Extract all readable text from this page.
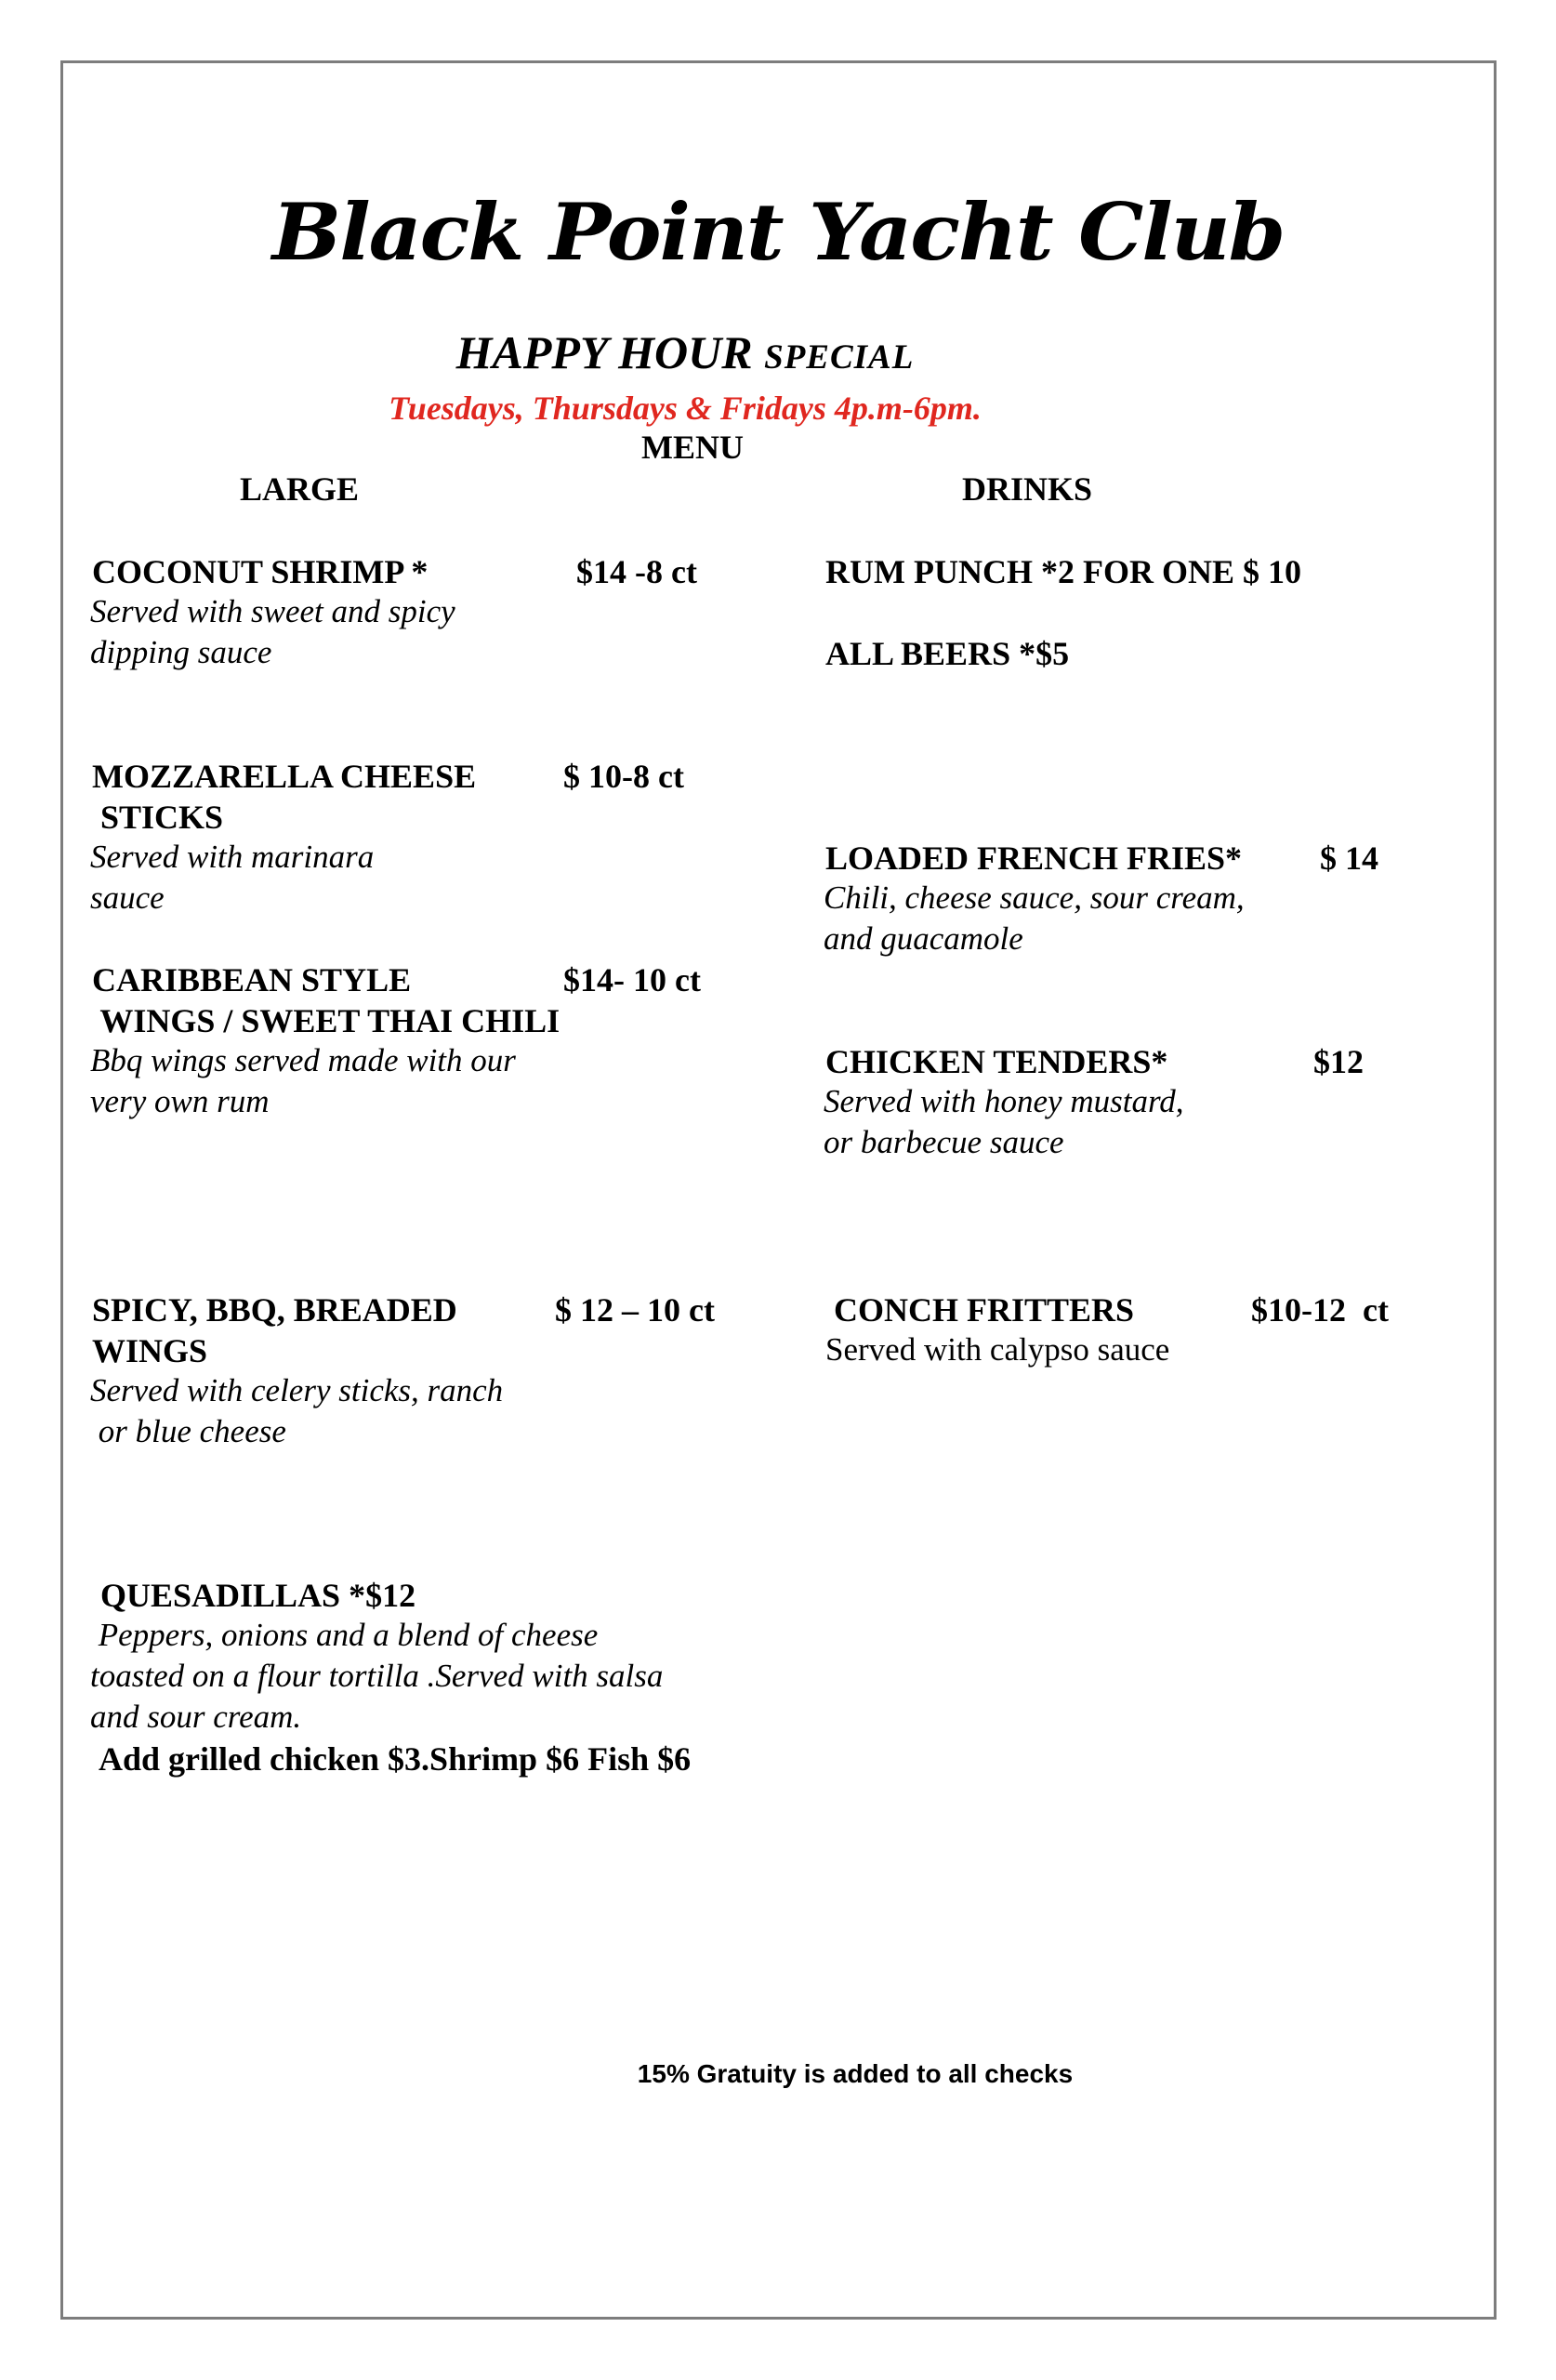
Black Point Yacht Club
HAPPY HOUR SPECIAL
Tuesdays, Thursdays & Fridays 4p.m-6pm.
MENU
LARGE	DRINKS
COCONUT SHRIMP *	$14 -8 ct
Served with sweet and spicy
dipping sauce
MOZZARELLA CHEESE
STICKS
$ 10-8 ct
Served with marinara
sauce
CARIBBEAN STYLE
WINGS / SWEET THAI CHILI
$14- 10 ct
Bbq wings served made with our
very own rum
SPICY, BBQ, BREADED
WINGS
$ 12 – 10 ct
Served with celery sticks, ranch
or blue cheese
QUESADILLAS *$12
Peppers, onions and a blend of cheese
toasted on a flour tortilla .Served with salsa
and sour cream.
Add grilled chicken $3.Shrimp $6 Fish $6
RUM PUNCH *2 FOR ONE $ 10
ALL BEERS *$5
LOADED FRENCH FRIES* $ 14
Chili, cheese sauce, sour cream,
and guacamole
CHICKEN TENDERS*	$12
Served with honey mustard,
or barbecue sauce
CONCH FRITTERS	$10-12  ct
Served with calypso sauce
15% Gratuity is added to all checks
